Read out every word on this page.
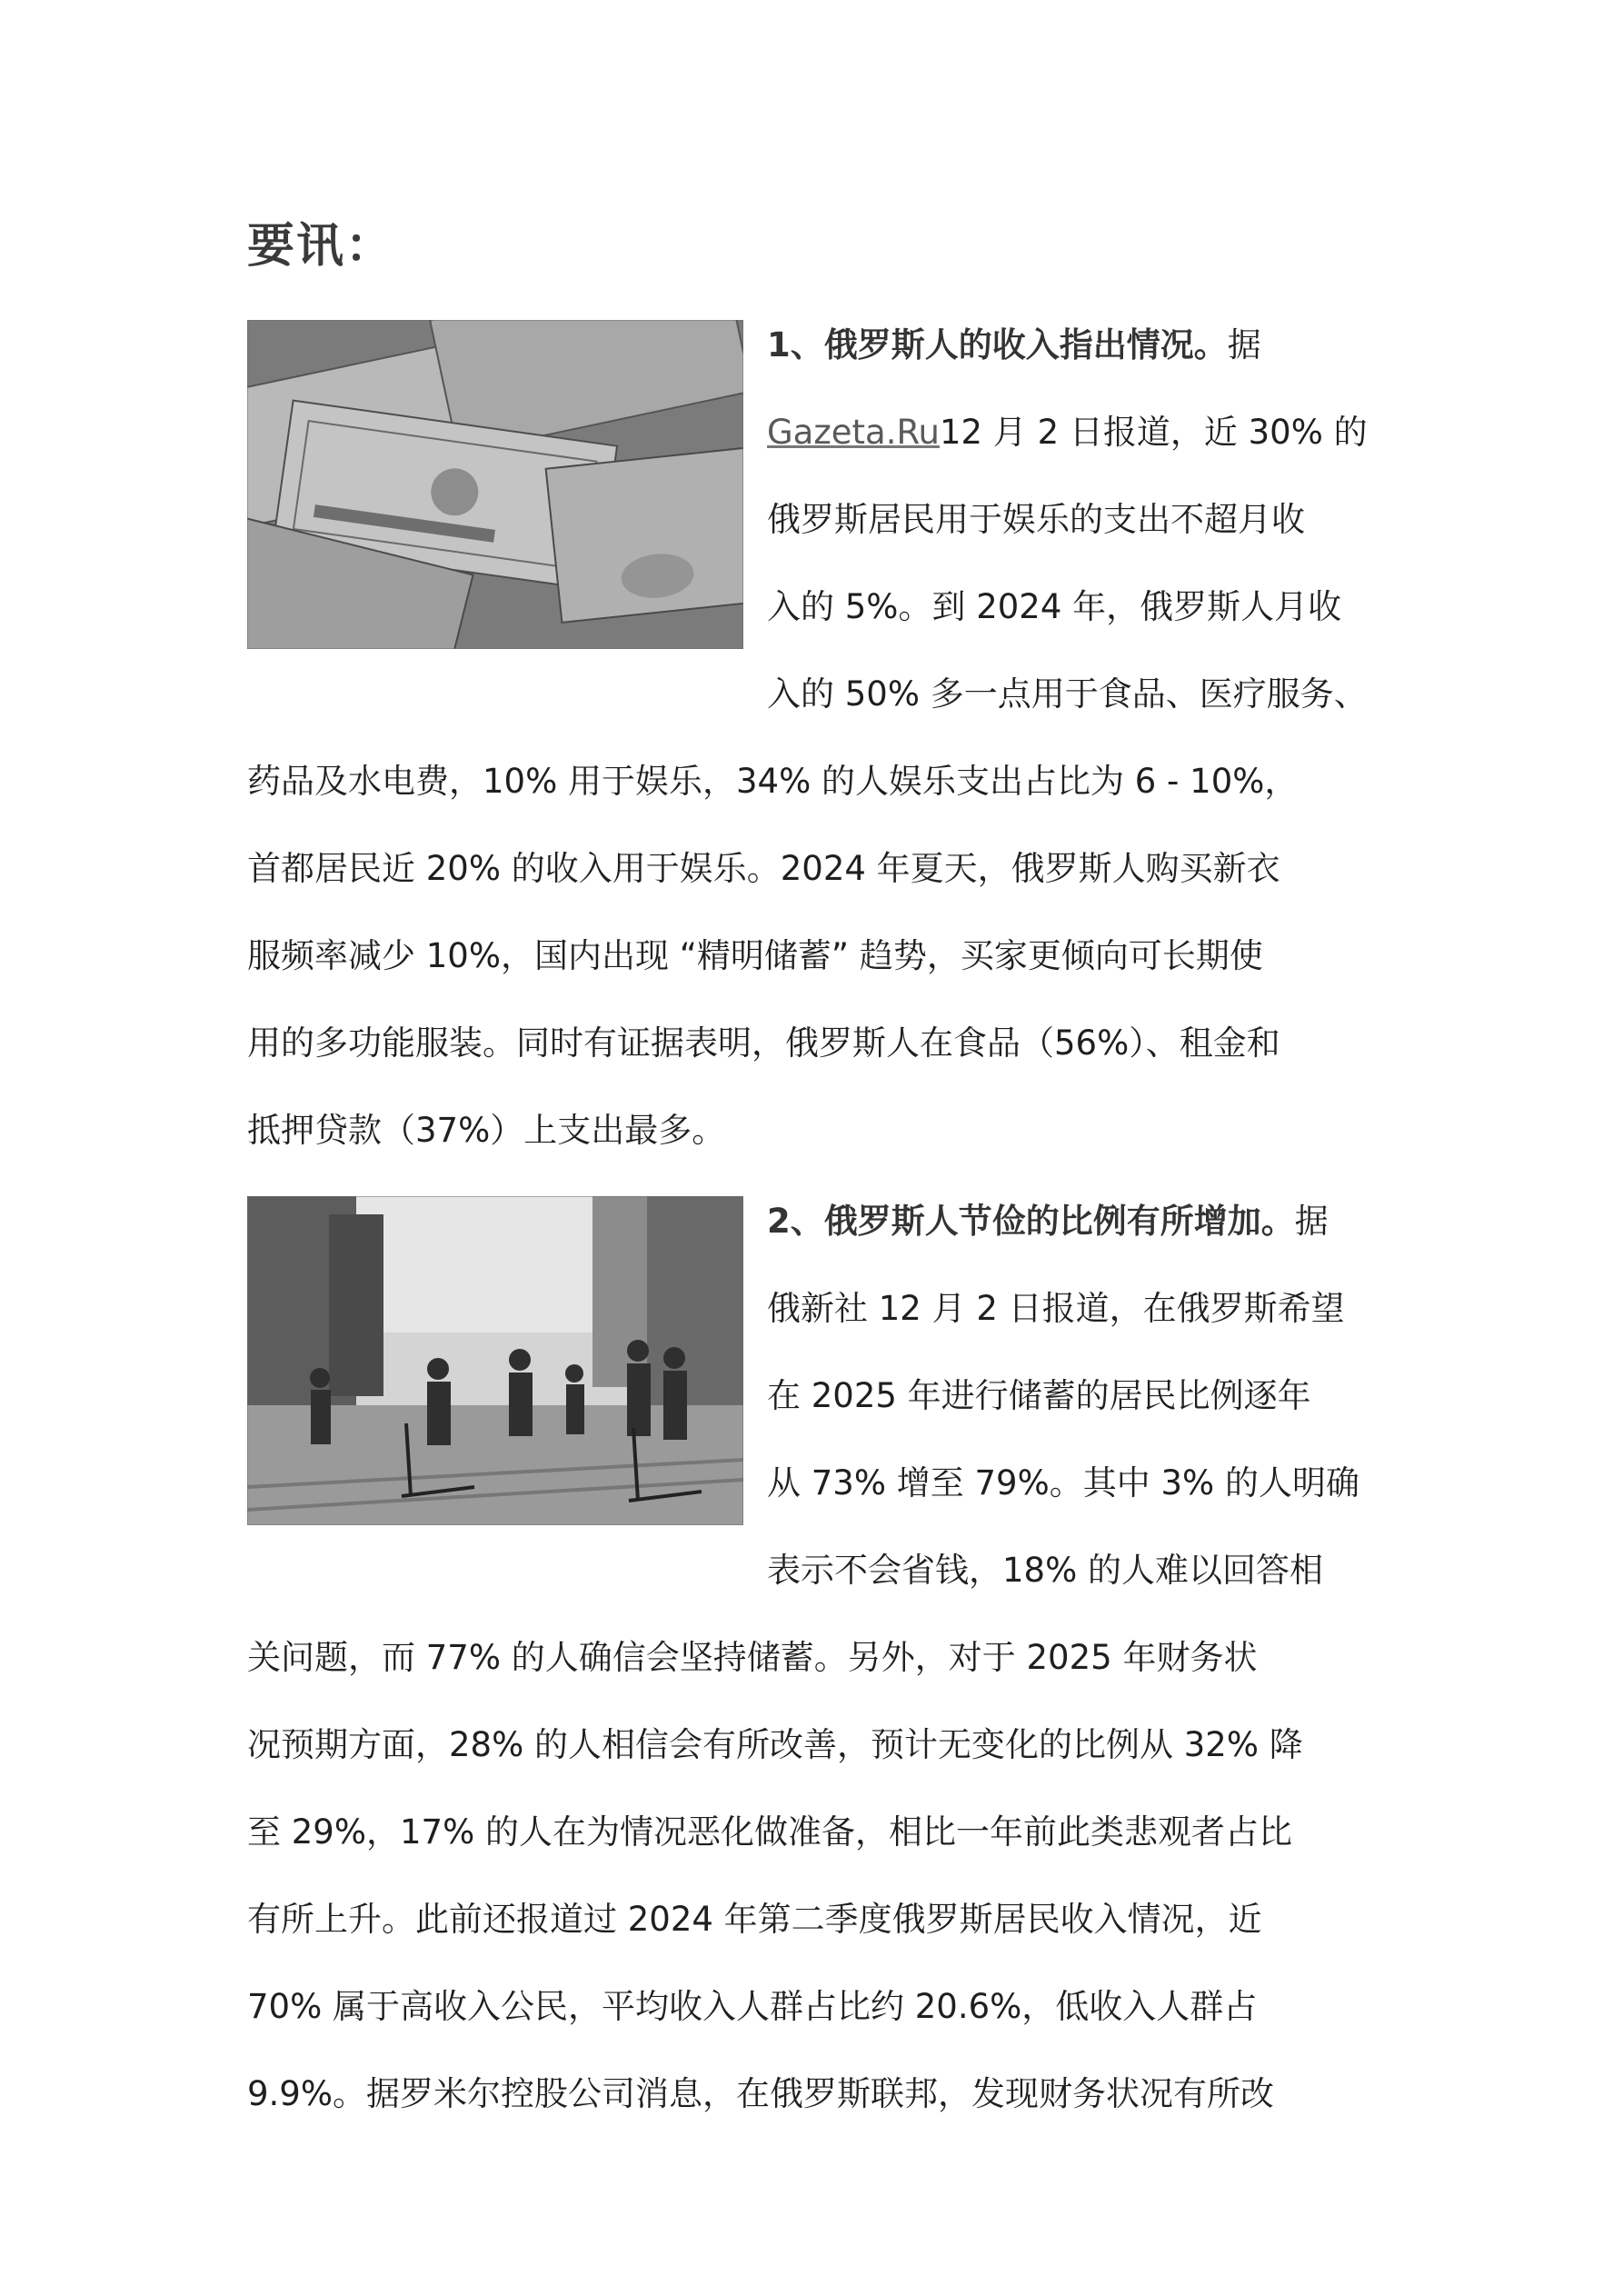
要讯：
1、俄罗斯人的收入指出情况。据
Gazeta.Ru12 月 2 日报道，近 30% 的
俄罗斯居民用于娱乐的支出不超月收
入的 5%。到 2024 年，俄罗斯人月收
入的 50% 多一点用于食品、医疗服务、
药品及水电费，10% 用于娱乐，34% 的人娱乐支出占比为 6 - 10%，
首都居民近 20% 的收入用于娱乐。2024 年夏天，俄罗斯人购买新衣
服频率减少 10%，国内出现 “精明储蓄” 趋势，买家更倾向可长期使
用的多功能服装。同时有证据表明，俄罗斯人在食品（56%）、租金和
抵押贷款（37%）上支出最多。
2、俄罗斯人节俭的比例有所增加。据
俄新社 12 月 2 日报道，在俄罗斯希望
在 2025 年进行储蓄的居民比例逐年
从 73% 增至 79%。其中 3% 的人明确
表示不会省钱，18% 的人难以回答相
关问题，而 77% 的人确信会坚持储蓄。另外，对于 2025 年财务状
况预期方面，28% 的人相信会有所改善，预计无变化的比例从 32% 降
至 29%，17% 的人在为情况恶化做准备，相比一年前此类悲观者占比
有所上升。此前还报道过 2024 年第二季度俄罗斯居民收入情况，近
70% 属于高收入公民，平均收入人群占比约 20.6%，低收入人群占
9.9%。据罗米尔控股公司消息，在俄罗斯联邦，发现财务状况有所改
